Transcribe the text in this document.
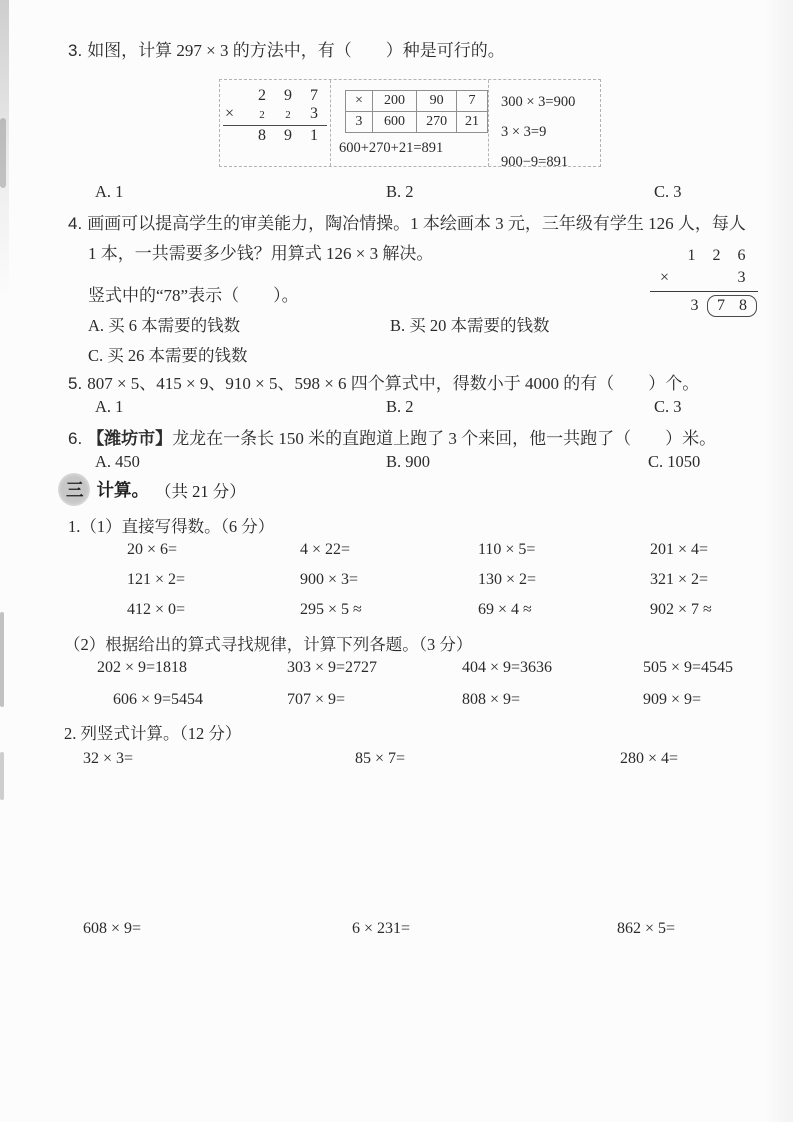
3. 如图，计算 297 × 3 的方法中，有（　　）种是可行的。
2	9	7
×	2	2	3
8	9	1
×	200	90	7
3	600	270	21
600+270+21=891
300 × 3=900
3 × 3=9
900−9=891
A. 1	B. 2	C. 3
4. 画画可以提高学生的审美能力，陶冶情操。1 本绘画本 3 元，三年级有学生 126 人，每人
1 本，一共需要多少钱？用算式 126 × 3 解决。	1	2	6
×	3
3	7 8
竖式中的“78”表示（　　）。
A. 买 6 本需要的钱数	B. 买 20 本需要的钱数
C. 买 26 本需要的钱数
5. 807 × 5、415 × 9、910 × 5、598 × 6 四个算式中，得数小于 4000 的有（　　）个。
A. 1	B. 2	C. 3
6. 【潍坊市】龙龙在一条长 150 米的直跑道上跑了 3 个来回，他一共跑了（　　）米。
A. 450	B. 900	C. 1050
三 计算。 （共 21 分）
1.（1）直接写得数。（6 分）
20 × 6=	4 × 22=	110 × 5=	201 × 4=
121 × 2=	900 × 3=	130 × 2=	321 × 2=
412 × 0=	295 × 5 ≈	69 × 4 ≈	902 × 7 ≈
（2）根据给出的算式寻找规律，计算下列各题。（3 分）
202 × 9=1818	303 × 9=2727	404 × 9=3636	505 × 9=4545
606 × 9=5454	707 × 9=	808 × 9=	909 × 9=
2. 列竖式计算。（12 分）
32 × 3=	85 × 7=	280 × 4=
608 × 9=	6 × 231=	862 × 5=
